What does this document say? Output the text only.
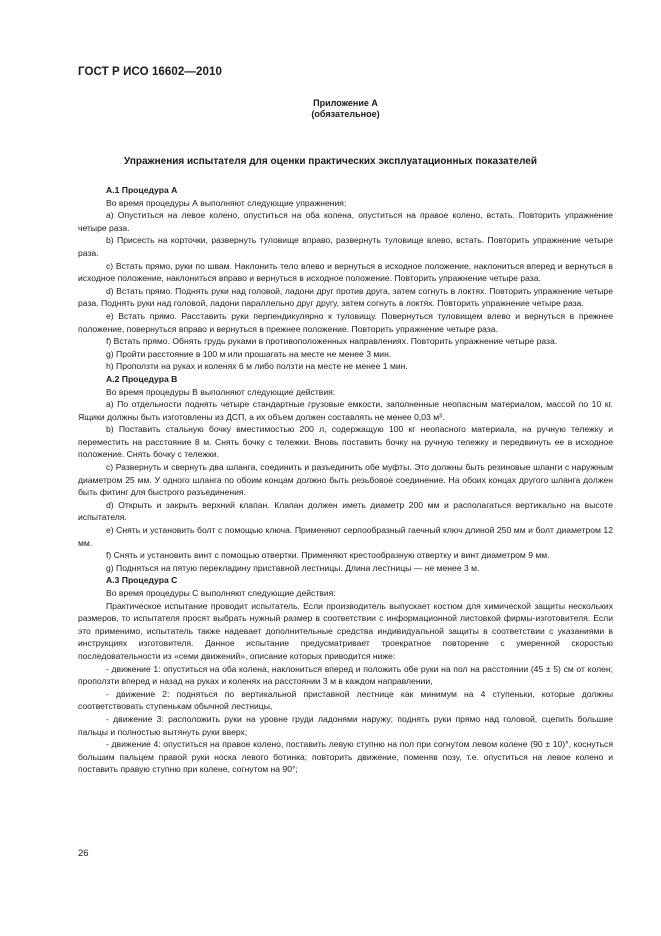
ГОСТ Р ИСО 16602—2010
Приложение А
(обязательное)
Упражнения испытателя для оценки практических эксплуатационных показателей

А.1 Процедура А

Во время процедуры А выполняют следующие упражнения:

а) Опуститься на левое колено, опуститься на оба колена, опуститься на правое колено, встать. Повторить упражнение четыре раза.

b) Присесть на корточки, развернуть туловище вправо, развернуть туловище влево, встать. Повторить упражнение четыре раза.

с) Встать прямо, руки по швам. Наклонить тело влево и вернуться в исходное положение, наклониться вперед и вернуться в исходное положение, наклониться вправо и вернуться в исходное положение. Повторить упражнение четыре раза.

d) Встать прямо. Поднять руки над головой, ладони друг против друга, затем согнуть в локтях. Повторить упражнение четыре раза. Поднять руки над головой, ладони параллельно друг другу, затем согнуть в локтях. Повторить упражнение четыре раза.

е) Встать прямо. Расставить руки перпендикулярно к туловищу. Повернуться туловищем влево и вернуться в прежнее положение, повернуться вправо и вернуться в прежнее положение. Повторить упражнение четыре раза.

f) Встать прямо. Обнять грудь руками в противоположенных направлениях. Повторить упражнение четыре раза.

g) Пройти расстояние в 100 м или прошагать на месте не менее 3 мин.

h) Проползти на руках и коленях 6 м либо ползти на месте не менее 1 мин.

А.2 Процедура В

Во время процедуры В выполняют следующие действия:

а) По отдельности поднять четыре стандартные грузовые емкости, заполненные неопасным материалом, массой по 10 кг. Ящики должны быть изготовлены из ДСП, а их объем должен составлять не менее 0,03 м³.

b) Поставить стальную бочку вместимостью 200 л, содержащую 100 кг неопасного материала, на ручную тележку и переместить на расстояние 8 м. Снять бочку с тележки. Вновь поставить бочку на ручную тележку и передвинуть ее в исходное положение. Снять бочку с тележки.

с) Развернуть и свернуть два шланга, соединить и разъединить обе муфты. Это должны быть резиновые шланги с наружным диаметром 25 мм. У одного шланга по обоим концам должно быть резьбовое соединение. На обоих концах другого шланга должен быть фитинг для быстрого разъединения.

d) Открыть и закрыть верхний клапан. Клапан должен иметь диаметр 200 мм и располагаться вертикально на высоте испытателя.

е) Снять и установить болт с помощью ключа. Применяют серпообразный гаечный ключ длиной 250 мм и болт диаметром 12 мм.

f) Снять и установить винт с помощью отвертки. Применяют крестообразную отвертку и винт диаметром 9 мм.

g) Подняться на пятую перекладину приставной лестницы. Длина лестницы — не менее 3 м.

А.3 Процедура С

Во время процедуры С выполняют следующие действия:

Практическое испытание проводит испытатель. Если производитель выпускает костюм для химической защиты нескольких размеров, то испытателя просят выбрать нужный размер в соответствии с информационной листовкой фирмы-изготовителя. Если это применимо, испытатель также надевает дополнительные средства индивидуальной защиты в соответствии с указаниями в инструкциях изготовителя. Данное испытание предусматривает троекратное повторение с умеренной скоростью последовательности из «семи движений», описание которых приводится ниже:

- движение 1: опуститься на оба колена, наклониться вперед и положить обе руки на пол на расстоянии (45 ± 5) см от колен; проползти вперед и назад на руках и коленях на расстоянии 3 м в каждом направлении,

- движение 2: подняться по вертикальной приставной лестнице как минимум на 4 ступеньки, которые должны соответствовать ступенькам обычной лестницы,

- движение 3: расположить руки на уровне груди ладонями наружу; поднять руки прямо над головой, сцепить большие пальцы и полностью вытянуть руки вверх;

- движение 4: опуститься на правое колено, поставить левую ступню на пол при согнутом левом колене (90 ± 10)°, коснуться большим пальцем правой руки носка левого ботинка; повторить движение, поменяв позу, т.е. опуститься на левое колено и поставить правую ступню при колене, согнутом на 90°;

26
